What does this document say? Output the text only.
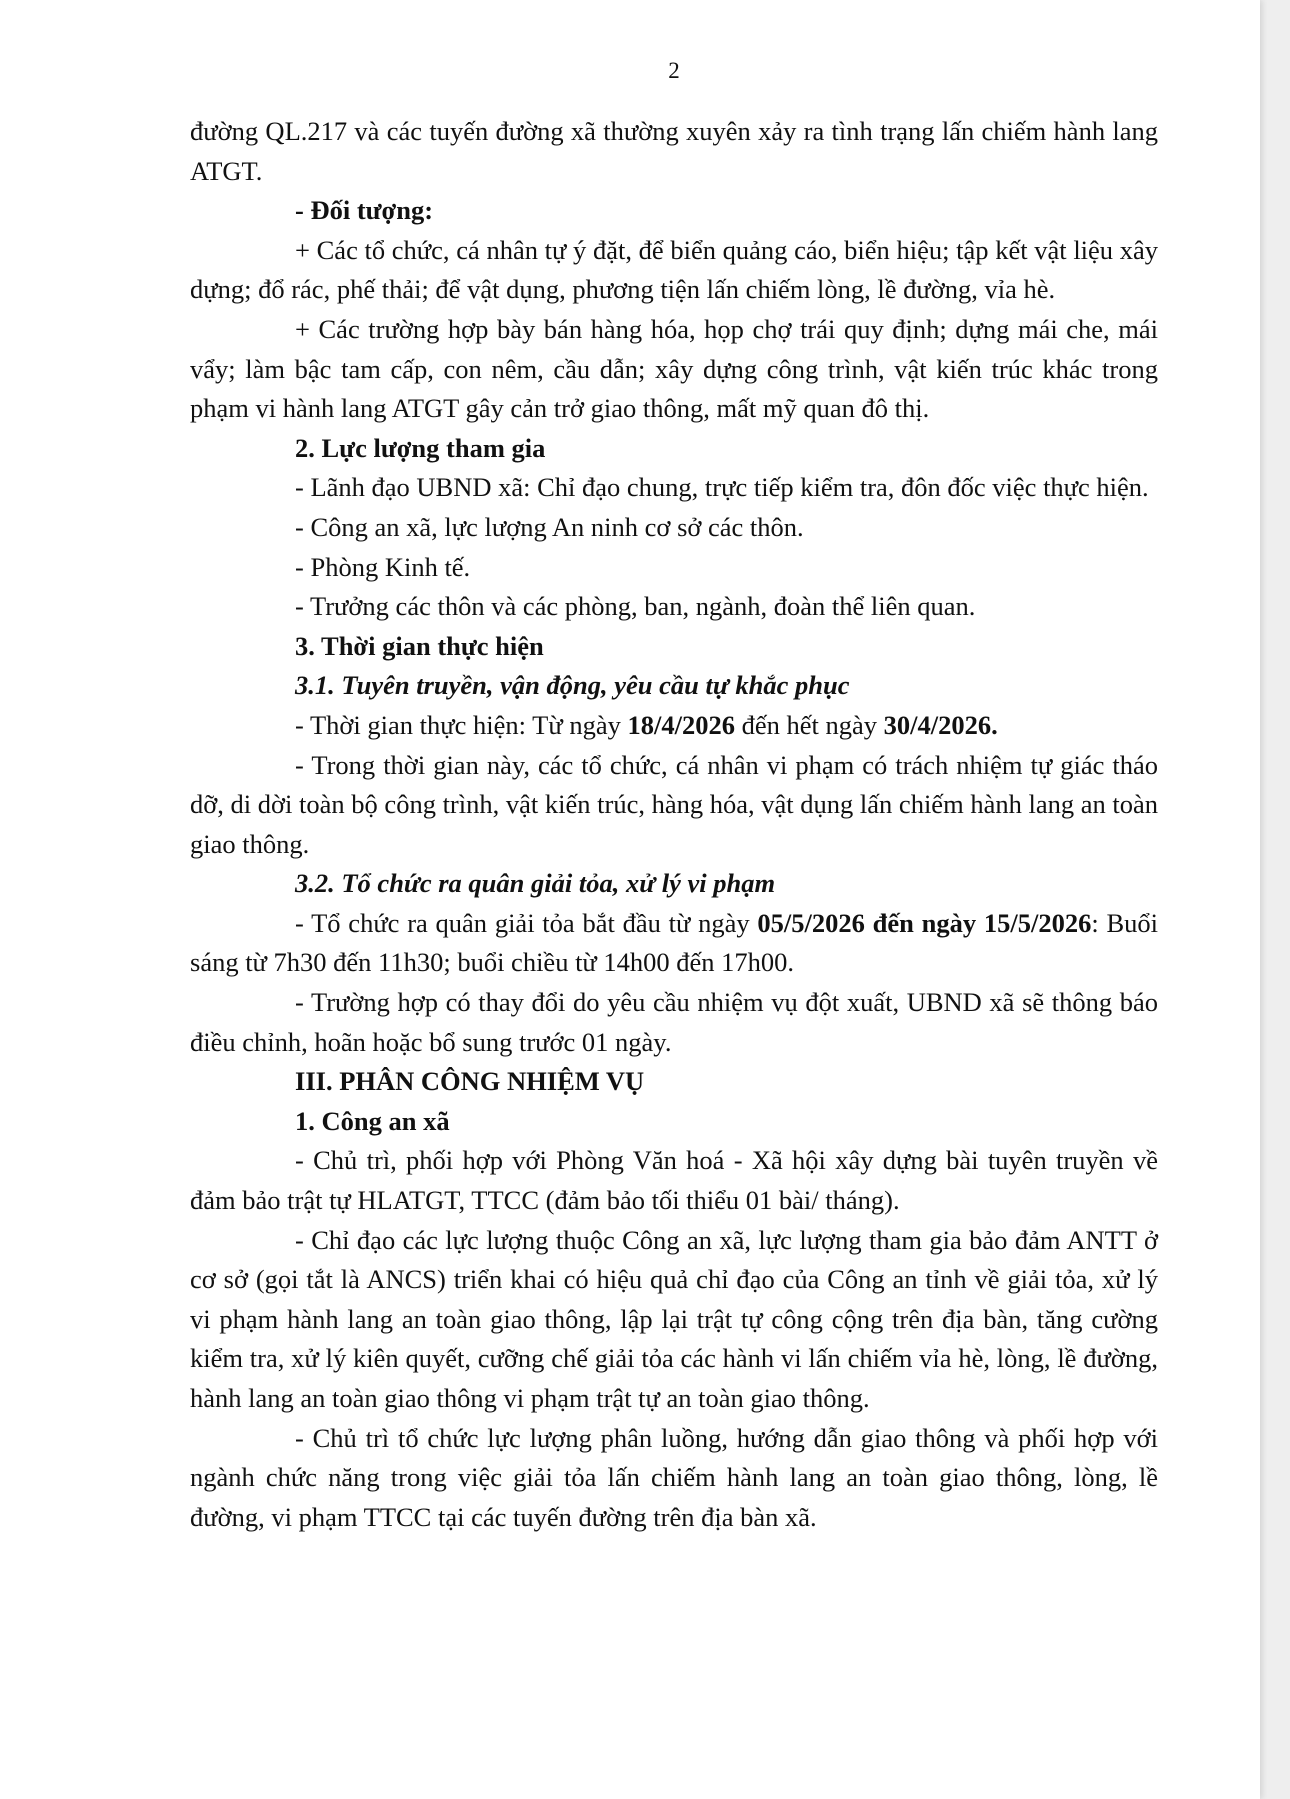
2

đường QL.217 và các tuyến đường xã thường xuyên xảy ra tình trạng lấn chiếm hành lang ATGT.

- Đối tượng:

+ Các tổ chức, cá nhân tự ý đặt, để biển quảng cáo, biển hiệu; tập kết vật liệu xây dựng; đổ rác, phế thải; để vật dụng, phương tiện lấn chiếm lòng, lề đường, vỉa hè.

+ Các trường hợp bày bán hàng hóa, họp chợ trái quy định; dựng mái che, mái vẩy; làm bậc tam cấp, con nêm, cầu dẫn; xây dựng công trình, vật kiến trúc khác trong phạm vi hành lang ATGT gây cản trở giao thông, mất mỹ quan đô thị.

2. Lực lượng tham gia

- Lãnh đạo UBND xã: Chỉ đạo chung, trực tiếp kiểm tra, đôn đốc việc thực hiện.

- Công an xã, lực lượng An ninh cơ sở các thôn.

- Phòng Kinh tế.

- Trưởng các thôn và các phòng, ban, ngành, đoàn thể liên quan.

3. Thời gian thực hiện

3.1. Tuyên truyền, vận động, yêu cầu tự khắc phục

- Thời gian thực hiện: Từ ngày 18/4/2026 đến hết ngày 30/4/2026.

- Trong thời gian này, các tổ chức, cá nhân vi phạm có trách nhiệm tự giác tháo dỡ, di dời toàn bộ công trình, vật kiến trúc, hàng hóa, vật dụng lấn chiếm hành lang an toàn giao thông.

3.2. Tổ chức ra quân giải tỏa, xử lý vi phạm

- Tổ chức ra quân giải tỏa bắt đầu từ ngày 05/5/2026 đến ngày 15/5/2026: Buổi sáng từ 7h30 đến 11h30; buổi chiều từ 14h00 đến 17h00.

- Trường hợp có thay đổi do yêu cầu nhiệm vụ đột xuất, UBND xã sẽ thông báo điều chỉnh, hoãn hoặc bổ sung trước 01 ngày.

III. PHÂN CÔNG NHIỆM VỤ

1. Công an xã

- Chủ trì, phối hợp với Phòng Văn hoá - Xã hội xây dựng bài tuyên truyền về đảm bảo trật tự HLATGT, TTCC (đảm bảo tối thiểu 01 bài/ tháng).

- Chỉ đạo các lực lượng thuộc Công an xã, lực lượng tham gia bảo đảm ANTT ở cơ sở (gọi tắt là ANCS) triển khai có hiệu quả chỉ đạo của Công an tỉnh về giải tỏa, xử lý vi phạm hành lang an toàn giao thông, lập lại trật tự công cộng trên địa bàn, tăng cường kiểm tra, xử lý kiên quyết, cưỡng chế giải tỏa các hành vi lấn chiếm vỉa hè, lòng, lề đường, hành lang an toàn giao thông vi phạm trật tự an toàn giao thông.

- Chủ trì tổ chức lực lượng phân luồng, hướng dẫn giao thông và phối hợp với ngành chức năng trong việc giải tỏa lấn chiếm hành lang an toàn giao thông, lòng, lề đường, vi phạm TTCC tại các tuyến đường trên địa bàn xã.
